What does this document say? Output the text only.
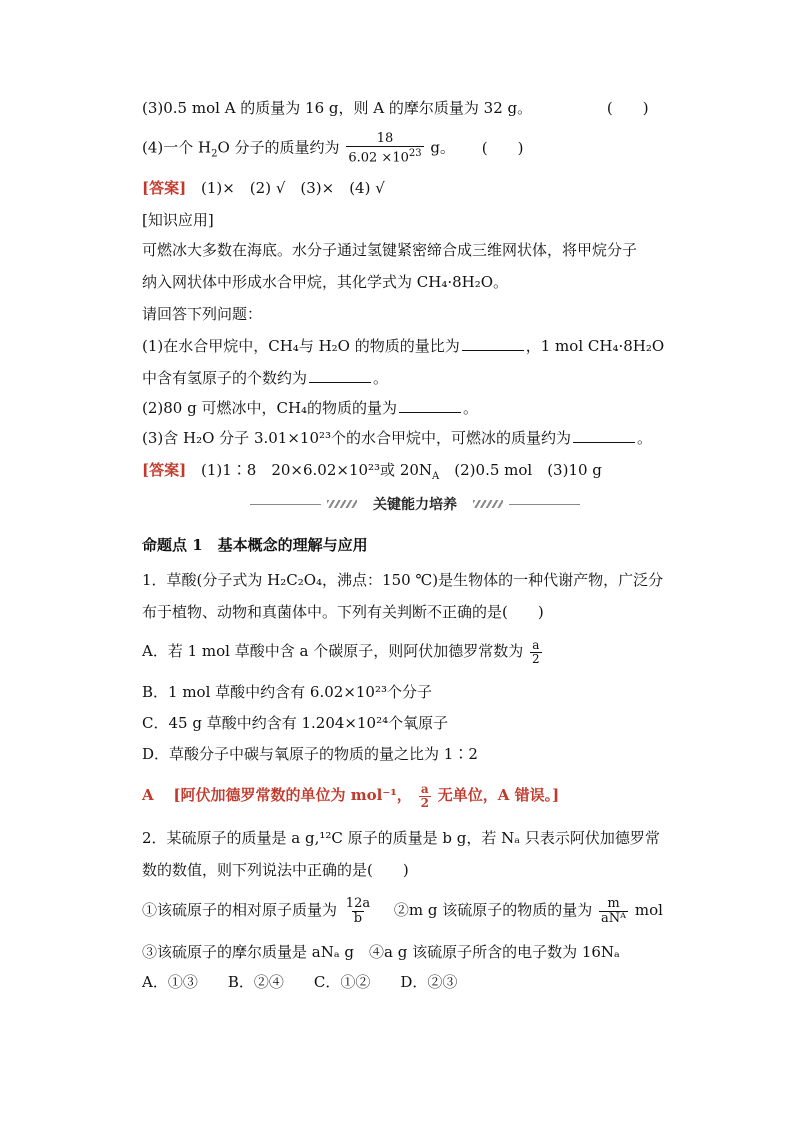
(3)0.5 mol A 的质量为 16 g，则 A 的摩尔质量为 32 g。	(　　)
(4)一个 $H_2O$ 分子的质量约为 $\frac{18}{6.02 \times 10^{23}}$ g。 (　　)
[答案] (1)×　(2) √　(3)×　(4) √
[知识应用]
可燃冰大多数在海底。水分子通过氢键紧密缔合成三维网状体，将甲烷分子
纳入网状体中形成水合甲烷，其化学式为 CH₄·8H₂O。
请回答下列问题：
(1)在水合甲烷中，CH₄与 H₂O 的物质的量比为	，1 mol CH₄·8H₂O
中含有氢原子的个数约为	。
(2)80 g 可燃冰中，CH₄的物质的量为	。
(3)含 H₂O 分子 3.01×10²³个的水合甲烷中，可燃冰的质量约为	。
[答案] (1)1∶8　20×6.02×10²³或 $20N_A$　(2)0.5 mol　(3)10 g
关键能力培养
命题点 1　基本概念的理解与应用
1．草酸(分子式为 H₂C₂O₄，沸点：150 ℃)是生物体的一种代谢产物，广泛分
布于植物、动物和真菌体中。下列有关判断不正确的是(　　)
A．若 1 mol 草酸中含 a 个碳原子，则阿伏加德罗常数为 $\frac{a}{2}$
B．1 mol 草酸中约含有 6.02×10²³个分子
C．45 g 草酸中约含有 1.204×10²⁴个氧原子
D．草酸分子中碳与氧原子的物质的量之比为 1∶2
A 　[阿伏加德罗常数的单位为 mol⁻¹， $\frac{a}{2}$ 无单位，A 错误。]
2．某硫原子的质量是 a g,¹²C 原子的质量是 b g，若 Nₐ 只表示阿伏加德罗常
数的数值，则下列说法中正确的是(　　)
①该硫原子的相对原子质量为 $\frac{12a}{b}$ 　②m g 该硫原子的物质的量为 $\frac{m}{\text{aNᴬ}}$ mol
③该硫原子的摩尔质量是 aNₐ g　④a g 该硫原子所含的电子数为 16Nₐ
A．①③　　B．②④　　C．①②　　D．②③
